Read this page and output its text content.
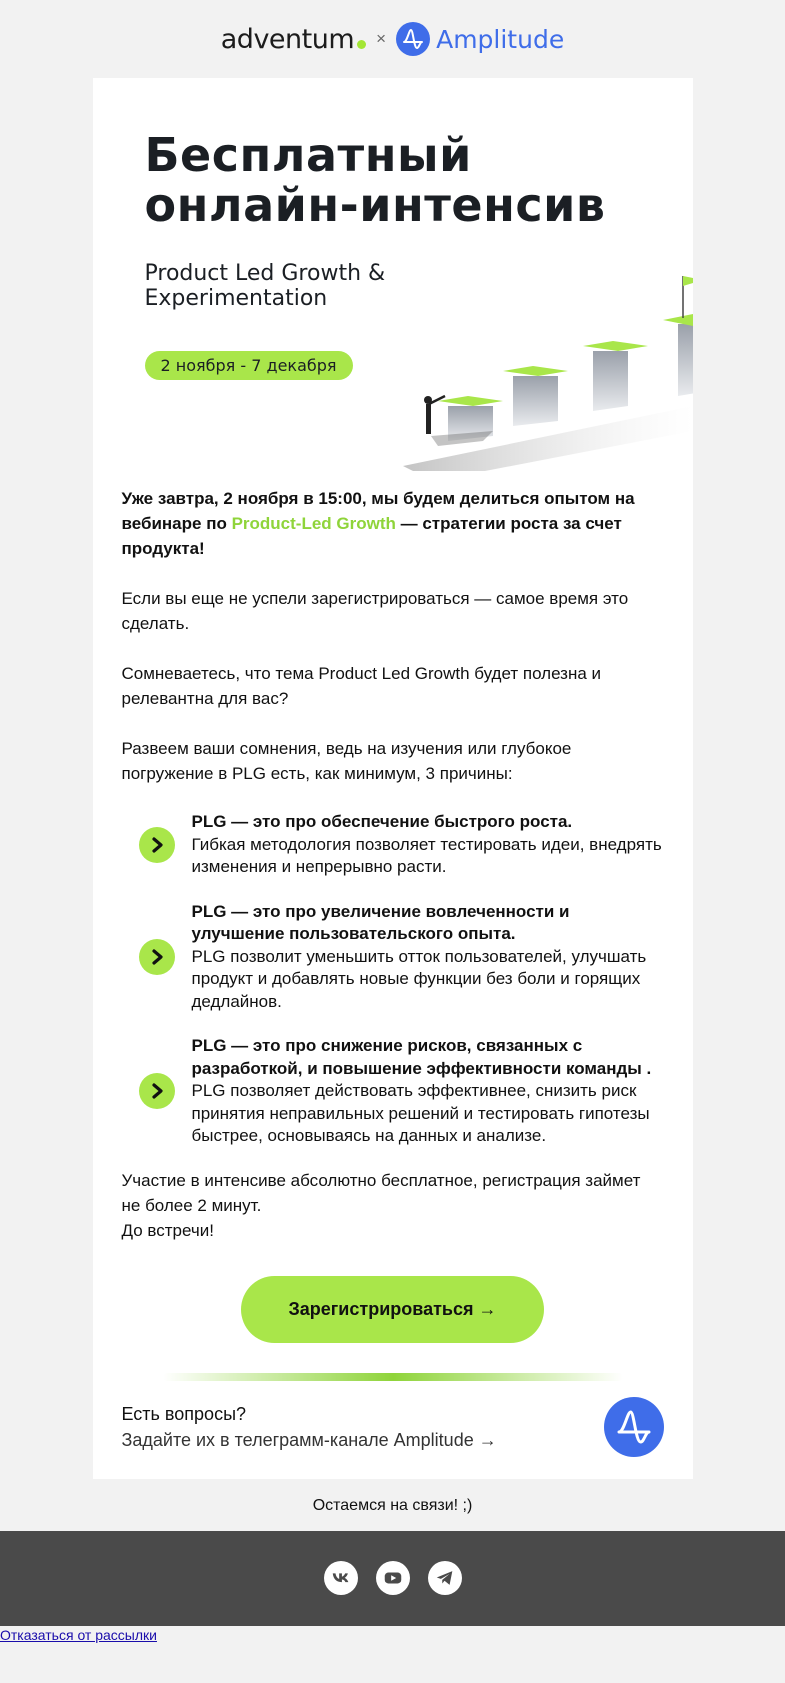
adventum × Amplitude
Бесплатный
онлайн-интенсив
Product Led Growth &
Experimentation
2 ноября - 7 декабря

Уже завтра, 2 ноября в 15:00, мы будем делиться опытом на вебинаре по Product-Led Growth — стратегии роста за счет продукта!

Если вы еще не успели зарегистрироваться — самое время это сделать.

Сомневаетесь, что тема Product Led Growth будет полезна и релевантна для вас?

Развеем ваши сомнения, ведь на изучения или глубокое погружение в PLG есть, как минимум, 3 причины:

PLG — это про обеспечение быстрого роста.
Гибкая методология позволяет тестировать идеи, внедрять изменения и непрерывно расти.
PLG — это про увеличение вовлеченности и улучшение пользовательского опыта.
PLG позволит уменьшить отток пользователей, улучшать продукт и добавлять новые функции без боли и горящих дедлайнов.
PLG — это про снижение рисков, связанных с разработкой, и повышение эффективности команды .
PLG позволяет действовать эффективнее, снизить риск принятия неправильных решений и тестировать гипотезы быстрее, основываясь на данных и анализе.
Участие в интенсиве абсолютно бесплатное, регистрация займет не более 2 минут.
До встречи!
Зарегистрироваться →
Есть вопросы?
Задайте их в телеграмм-канале Amplitude →
Остаемся на связи! ;)
Отказаться от рассылки
